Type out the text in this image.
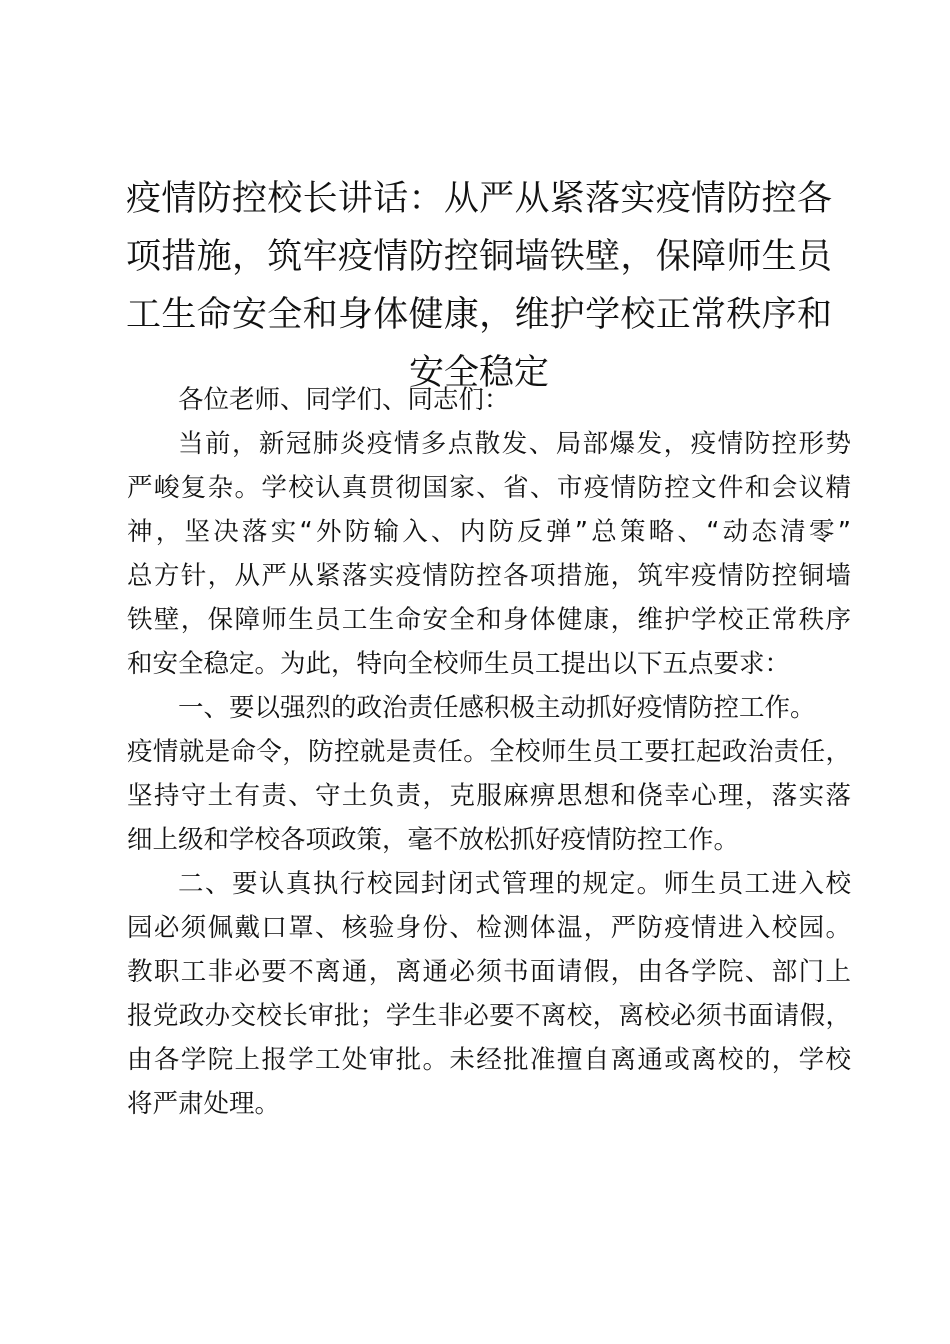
疫情防控校长讲话：从严从紧落实疫情防控各
项措施，筑牢疫情防控铜墙铁壁，保障师生员
工生命安全和身体健康，维护学校正常秩序和
安全稳定
各位老师、同学们、同志们：
当前，新冠肺炎疫情多点散发、局部爆发，疫情防控形势
严峻复杂。学校认真贯彻国家、省、市疫情防控文件和会议精
神，坚决落实“外防输入、内防反弹”总策略、“动态清零”
总方针，从严从紧落实疫情防控各项措施，筑牢疫情防控铜墙
铁壁，保障师生员工生命安全和身体健康，维护学校正常秩序
和安全稳定。为此，特向全校师生员工提出以下五点要求：
一、要以强烈的政治责任感积极主动抓好疫情防控工作。
疫情就是命令，防控就是责任。全校师生员工要扛起政治责任，
坚持守土有责、守土负责，克服麻痹思想和侥幸心理，落实落
细上级和学校各项政策，毫不放松抓好疫情防控工作。
二、要认真执行校园封闭式管理的规定。师生员工进入校
园必须佩戴口罩、核验身份、检测体温，严防疫情进入校园。
教职工非必要不离通，离通必须书面请假，由各学院、部门上
报党政办交校长审批；学生非必要不离校，离校必须书面请假，
由各学院上报学工处审批。未经批准擅自离通或离校的，学校
将严肃处理。
